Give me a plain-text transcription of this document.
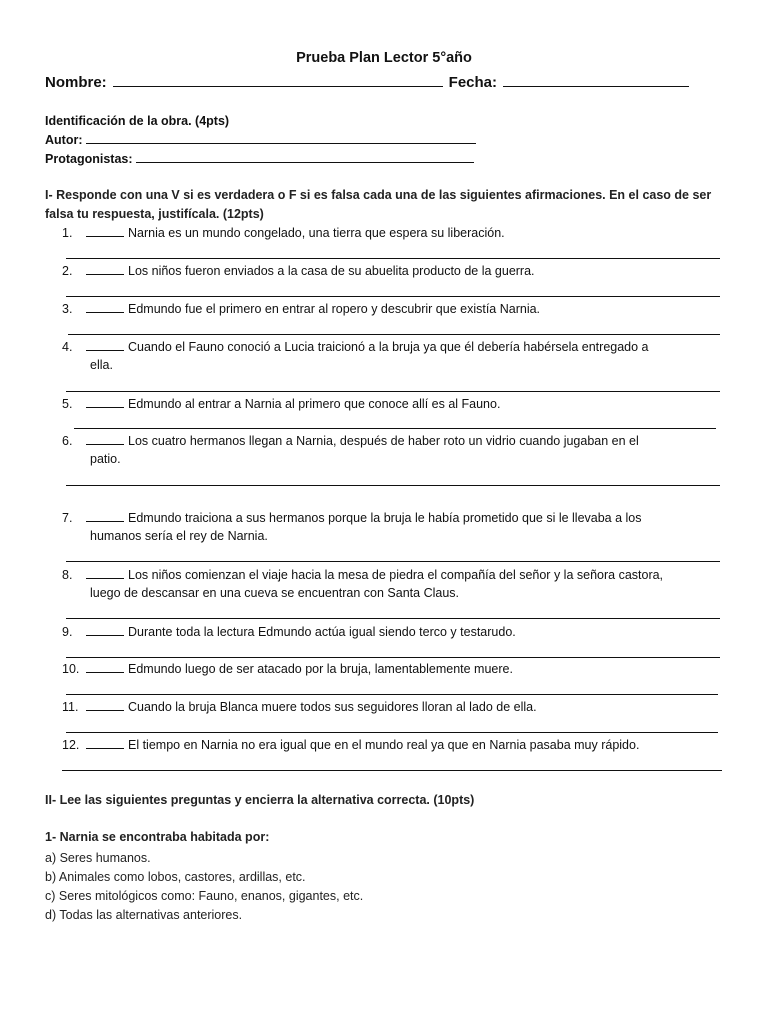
Prueba Plan Lector 5°año
Nombre:	Fecha:
Identificación de la obra. (4pts)
Autor:
Protagonistas:
I- Responde con una V si es verdadera o F si es falsa cada una de las siguientes afirmaciones. En el caso de ser falsa tu respuesta, justifícala. (12pts)
1.	Narnia es un mundo congelado, una tierra que espera su liberación.
2.	Los niños fueron enviados a la casa de su abuelita producto de la guerra.
3.	Edmundo fue el primero en entrar al ropero y descubrir que existía Narnia.
4.	Cuando el Fauno conoció a Lucia traicionó a la bruja ya que él debería habérsela entregado a
ella.
5.	Edmundo al entrar a Narnia al primero que conoce allí es al Fauno.
6.	Los cuatro hermanos llegan a Narnia, después de haber roto un vidrio cuando jugaban en el
patio.
7.	Edmundo traiciona a sus hermanos porque la bruja le había prometido que si le llevaba a los
humanos sería el rey de Narnia.
8.	Los niños comienzan el viaje hacia la mesa de piedra el compañía del señor y la señora castora,
luego de descansar en una cueva se encuentran con Santa Claus.
9.	Durante toda la lectura Edmundo actúa igual siendo terco y testarudo.
10.	Edmundo luego de ser atacado por la bruja, lamentablemente muere.
11.	Cuando la bruja Blanca muere todos sus seguidores lloran al lado de ella.
12.	El tiempo en Narnia no era igual que en el mundo real ya que en Narnia pasaba muy rápido.
II- Lee las siguientes preguntas y encierra la alternativa correcta. (10pts)
1- Narnia se encontraba habitada por:
a) Seres humanos.
b) Animales como lobos, castores, ardillas, etc.
c) Seres mitológicos como: Fauno, enanos, gigantes, etc.
d) Todas las alternativas anteriores.
